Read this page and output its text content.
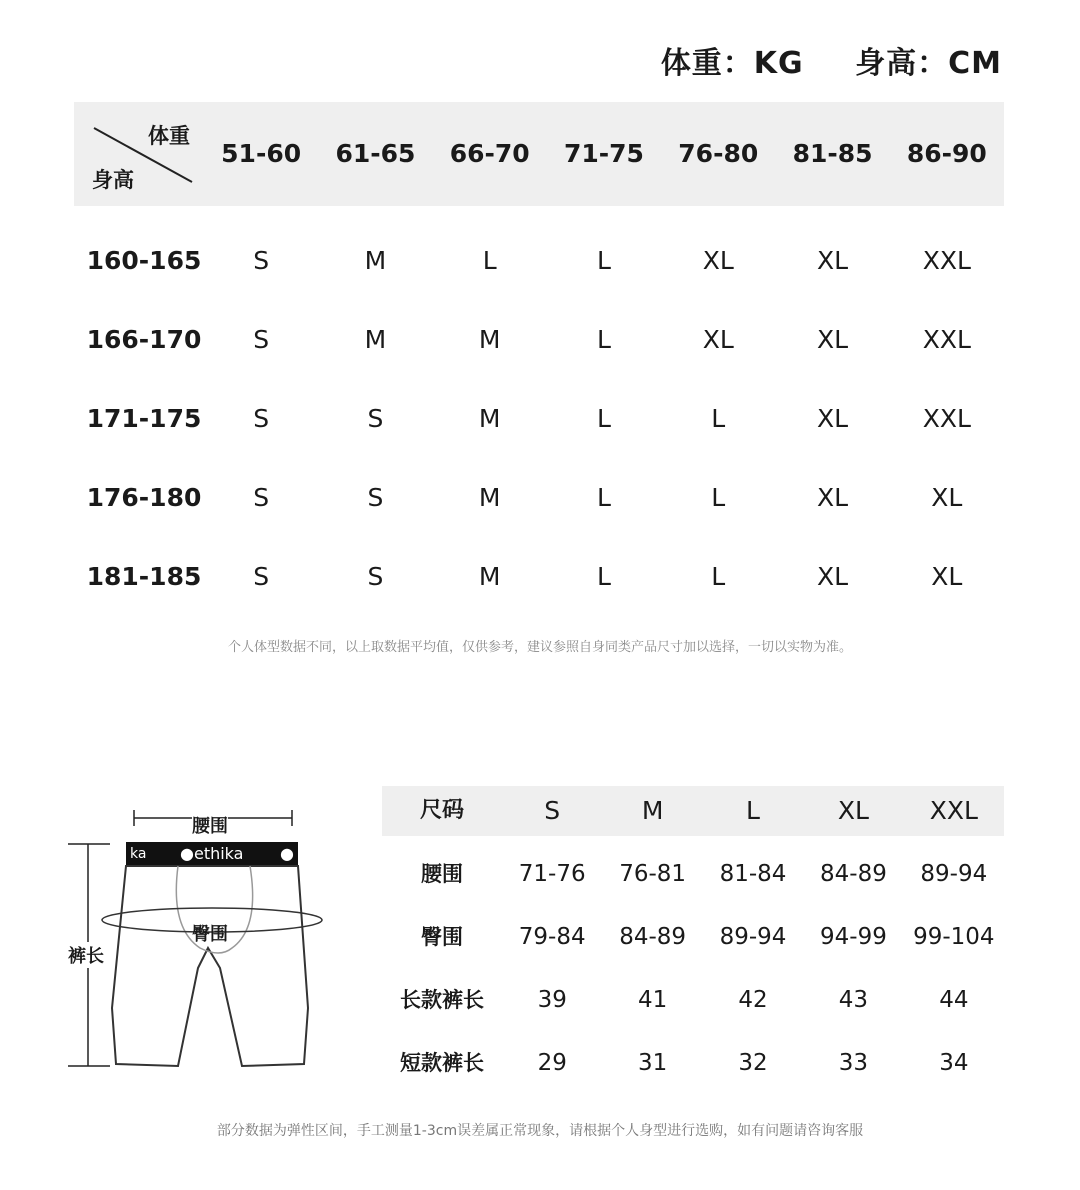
体重：KG 身高：CM
体重
身高
51-60	61-65	66-70	71-75	76-80	81-85	86-90
160-165	S	M	L	L	XL	XL	XXL
166-170	S	M	M	L	XL	XL	XXL
171-175	S	S	M	L	L	XL	XXL
176-180	S	S	M	L	L	XL	XL
181-185	S	S	M	L	L	XL	XL
个人体型数据不同，以上取数据平均值，仅供参考，建议参照自身同类产品尺寸加以选择，一切以实物为准。
腰围
臀围
裤长
ka ●ethika ●
尺码	S	M	L	XL	XXL
腰围	71-76	76-81	81-84	84-89	89-94
臀围	79-84	84-89	89-94	94-99	99-104
长款裤长	39	41	42	43	44
短款裤长	29	31	32	33	34
部分数据为弹性区间，手工测量1-3cm误差属正常现象，请根据个人身型进行选购，如有问题请咨询客服
